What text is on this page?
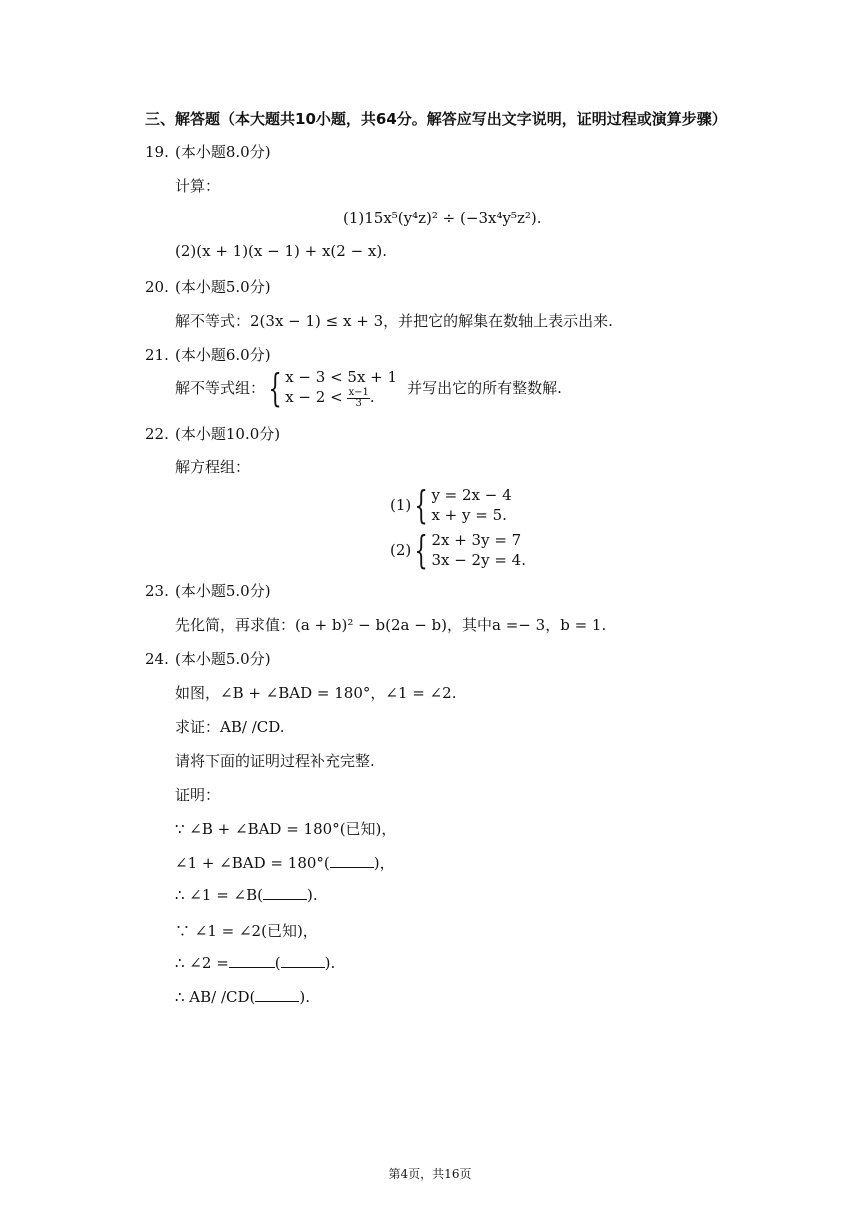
三、解答题（本大题共10小题，共64分。解答应写出文字说明，证明过程或演算步骤）
19. (本小题8.0分)
计算：
(1)15x⁵(y⁴z)² ÷ (−3x⁴y⁵z²).
(2)(x + 1)(x − 1) + x(2 − x).
20. (本小题5.0分)
解不等式：2(3x − 1) ≤ x + 3，并把它的解集在数轴上表示出来.
21. (本小题6.0分)
解不等式组： { x − 3 < 5x + 1
$x - 2 < \frac{x-1}{3}$ .	并写出它的所有整数解.
22. (本小题10.0分)
解方程组：
(1) { y = 2x − 4
x + y = 5.
(2) { 2x + 3y = 7
3x − 2y = 4.
23. (本小题5.0分)
先化简，再求值：(a + b)² − b(2a − b)，其中a =− 3，b = 1.
24. (本小题5.0分)
如图，∠B + ∠BAD = 180°，∠1 = ∠2.
求证：AB/ /CD.
请将下面的证明过程补充完整.
证明：
∵ ∠B + ∠BAD = 180°(已知)，
∠1 + ∠BAD = 180°(	)，
∴ ∠1 = ∠B(	).
∵ ∠1 = ∠2(已知)，
∴ ∠2 =	(	).
∴ AB/ /CD(	).
第4页，共16页
